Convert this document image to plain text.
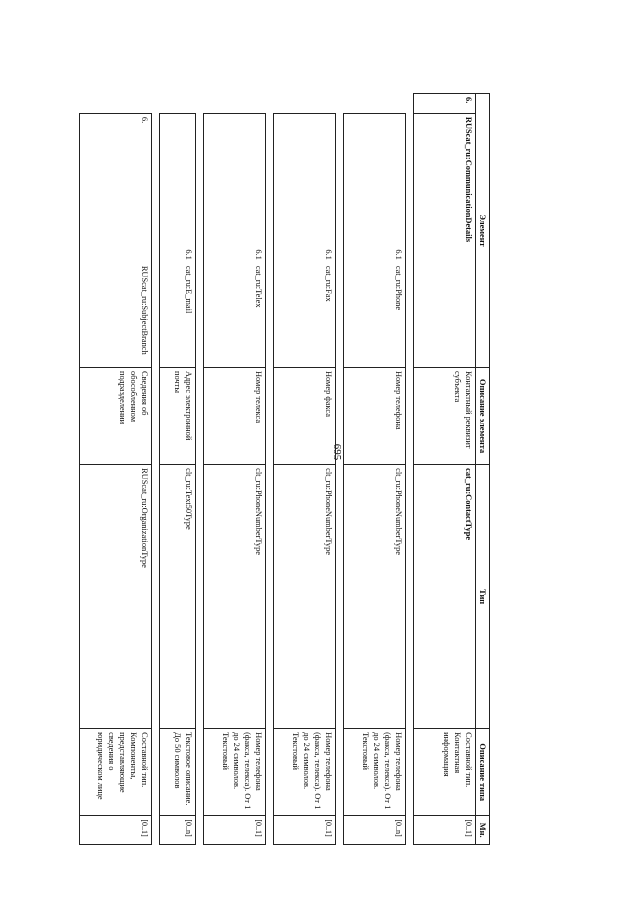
695
Элемент			Описание элемента	Тип	Описание типа	Мн.
6.	RUScat_ru:CommunicationDetails		Контактный реквизит субъекта	cat_ru:ContactType	Составной тип. Контактная информация	[0..1]

	6.1	cat_ru:Phone	Номер телефона	clt_ru:PhoneNumberType	Номер телефона (факса, телекса). От 1 до 24 символов. Текстовый	[0..n]

	6.1	cat_ru:Fax	Номер факса	clt_ru:PhoneNumberType	Номер телефона (факса, телекса). От 1 до 24 символов. Текстовый	[0..1]

	6.1	cat_ru:Telex	Номер телекса	clt_ru:PhoneNumberType	Номер телефона (факса, телекса). От 1 до 24 символов. Текстовый	[0..1]

	6.1	cat_ru:E_mail	Адрес электронной почты	clt_ru:Text50Type	Текстовое описание. До 50 символов	[0..n]

	6.	RUScat_ru:SubjectBranch	Сведения об обособленном подразделении	RUScat_ru:OrganizationType	Составной тип. Компоненты, представляющие сведения о юридическом лице	[0..1]
